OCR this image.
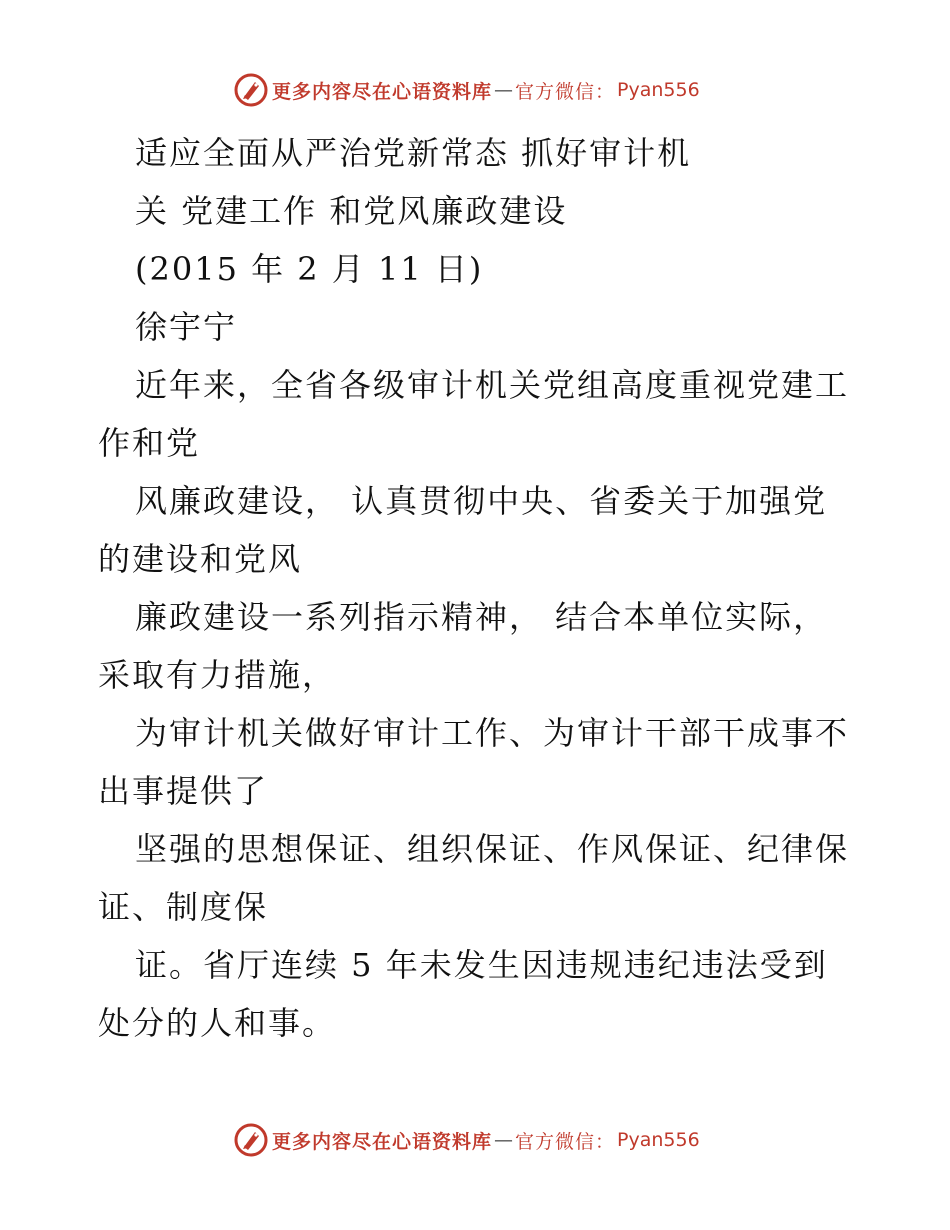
更多内容尽在心语资料库 — 官方微信： Pyan556
适应全面从严治党新常态 抓好审计机
关 党建工作 和党风廉政建设
(2015 年 2 月 11 日)
徐宇宁
近年来，全省各级审计机关党组高度重视党建工
作和党
风廉政建设， 认真贯彻中央、省委关于加强党
的建设和党风
廉政建设一系列指示精神， 结合本单位实际，
采取有力措施，
为审计机关做好审计工作、为审计干部干成事不
出事提供了
坚强的思想保证、组织保证、作风保证、纪律保
证、制度保
证。省厅连续 5 年未发生因违规违纪违法受到
处分的人和事。
更多内容尽在心语资料库 — 官方微信： Pyan556
